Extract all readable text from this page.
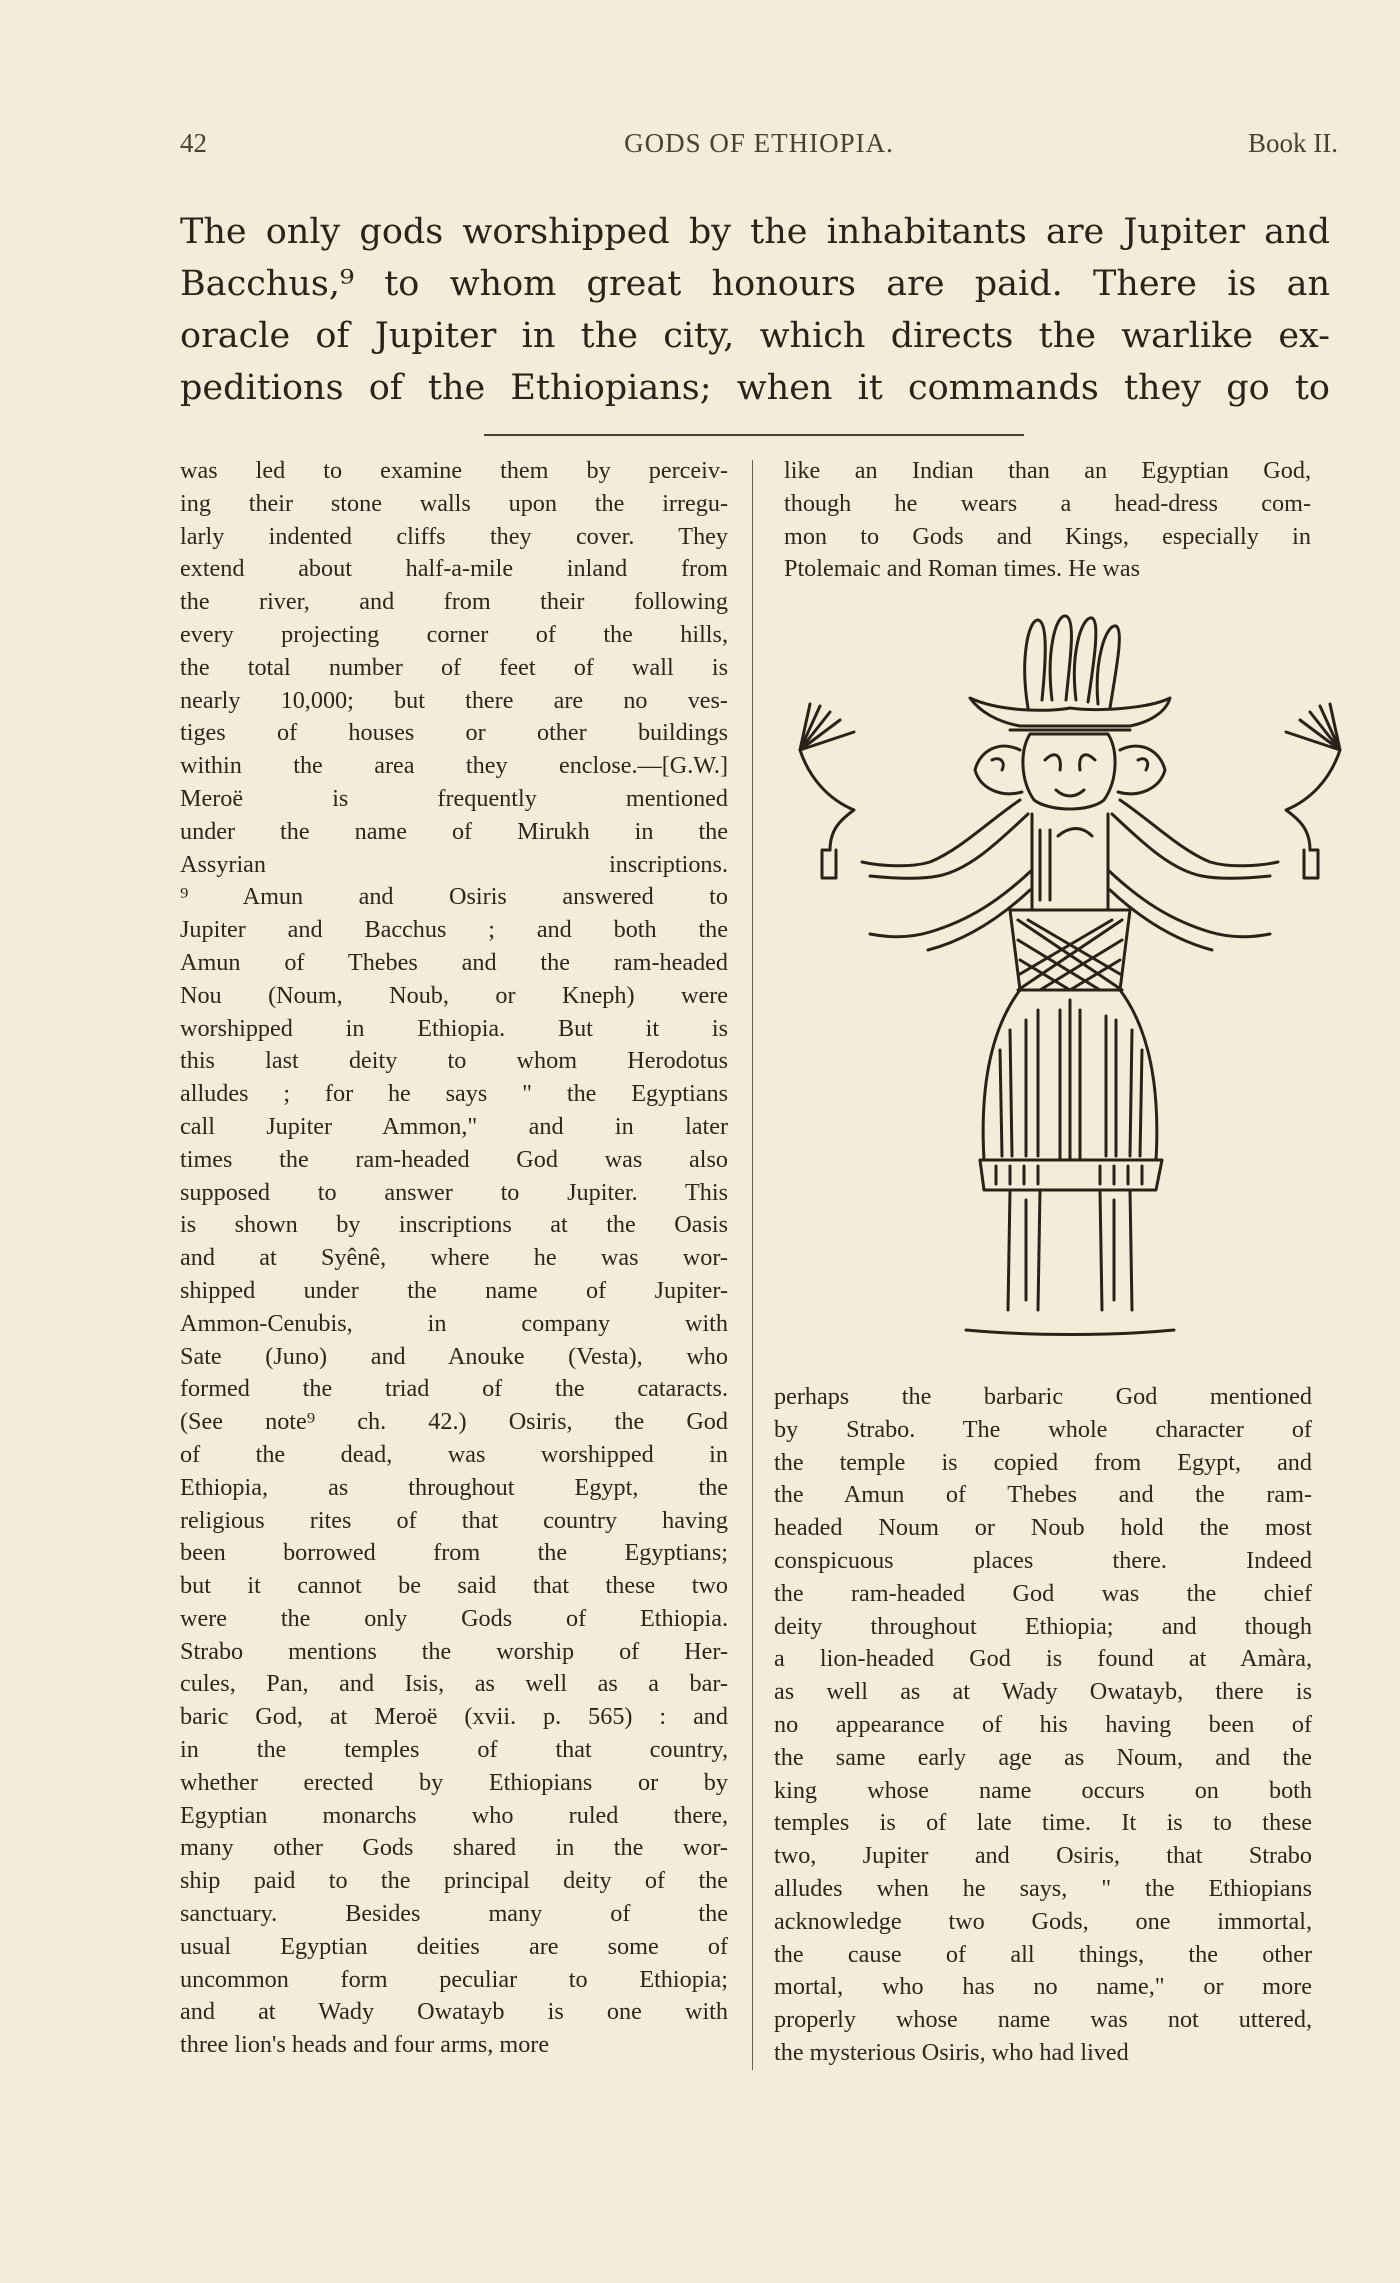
42	GODS OF ETHIOPIA.	Book II.
The only gods worshipped by the inhabitants are Jupiter and
Bacchus,⁹ to whom great honours are paid. There is an
oracle of Jupiter in the city, which directs the warlike ex-
peditions of the Ethiopians; when it commands they go to
was led to examine them by perceiv-
ing their stone walls upon the irregu-
larly indented cliffs they cover. They
extend about half-a-mile inland from
the river, and from their following
every projecting corner of the hills,
the total number of feet of wall is
nearly 10,000; but there are no ves-
tiges of houses or other buildings
within the area they enclose.—[G.W.]
Meroë is frequently mentioned
under the name of Mirukh in the
Assyrian inscriptions.
⁹ Amun and Osiris answered to
Jupiter and Bacchus ; and both the
Amun of Thebes and the ram-headed
Nou (Noum, Noub, or Kneph) were
worshipped in Ethiopia. But it is
this last deity to whom Herodotus
alludes ; for he says " the Egyptians
call Jupiter Ammon," and in later
times the ram-headed God was also
supposed to answer to Jupiter. This
is shown by inscriptions at the Oasis
and at Syênê, where he was wor-
shipped under the name of Jupiter-
Ammon-Cenubis, in company with
Sate (Juno) and Anouke (Vesta), who
formed the triad of the cataracts.
(See note⁹ ch. 42.) Osiris, the God
of the dead, was worshipped in
Ethiopia, as throughout Egypt, the
religious rites of that country having
been borrowed from the Egyptians;
but it cannot be said that these two
were the only Gods of Ethiopia.
Strabo mentions the worship of Her-
cules, Pan, and Isis, as well as a bar-
baric God, at Meroë (xvii. p. 565) : and
in the temples of that country,
whether erected by Ethiopians or by
Egyptian monarchs who ruled there,
many other Gods shared in the wor-
ship paid to the principal deity of the
sanctuary. Besides many of the
usual Egyptian deities are some of
uncommon form peculiar to Ethiopia;
and at Wady Owatayb is one with
three lion's heads and four arms, more
like an Indian than an Egyptian God,
though he wears a head-dress com-
mon to Gods and Kings, especially in
Ptolemaic and Roman times. He was
perhaps the barbaric God mentioned
by Strabo. The whole character of
the temple is copied from Egypt, and
the Amun of Thebes and the ram-
headed Noum or Noub hold the most
conspicuous places there. Indeed
the ram-headed God was the chief
deity throughout Ethiopia; and though
a lion-headed God is found at Amàra,
as well as at Wady Owatayb, there is
no appearance of his having been of
the same early age as Noum, and the
king whose name occurs on both
temples is of late time. It is to these
two, Jupiter and Osiris, that Strabo
alludes when he says, " the Ethiopians
acknowledge two Gods, one immortal,
the cause of all things, the other
mortal, who has no name," or more
properly whose name was not uttered,
the mysterious Osiris, who had lived
